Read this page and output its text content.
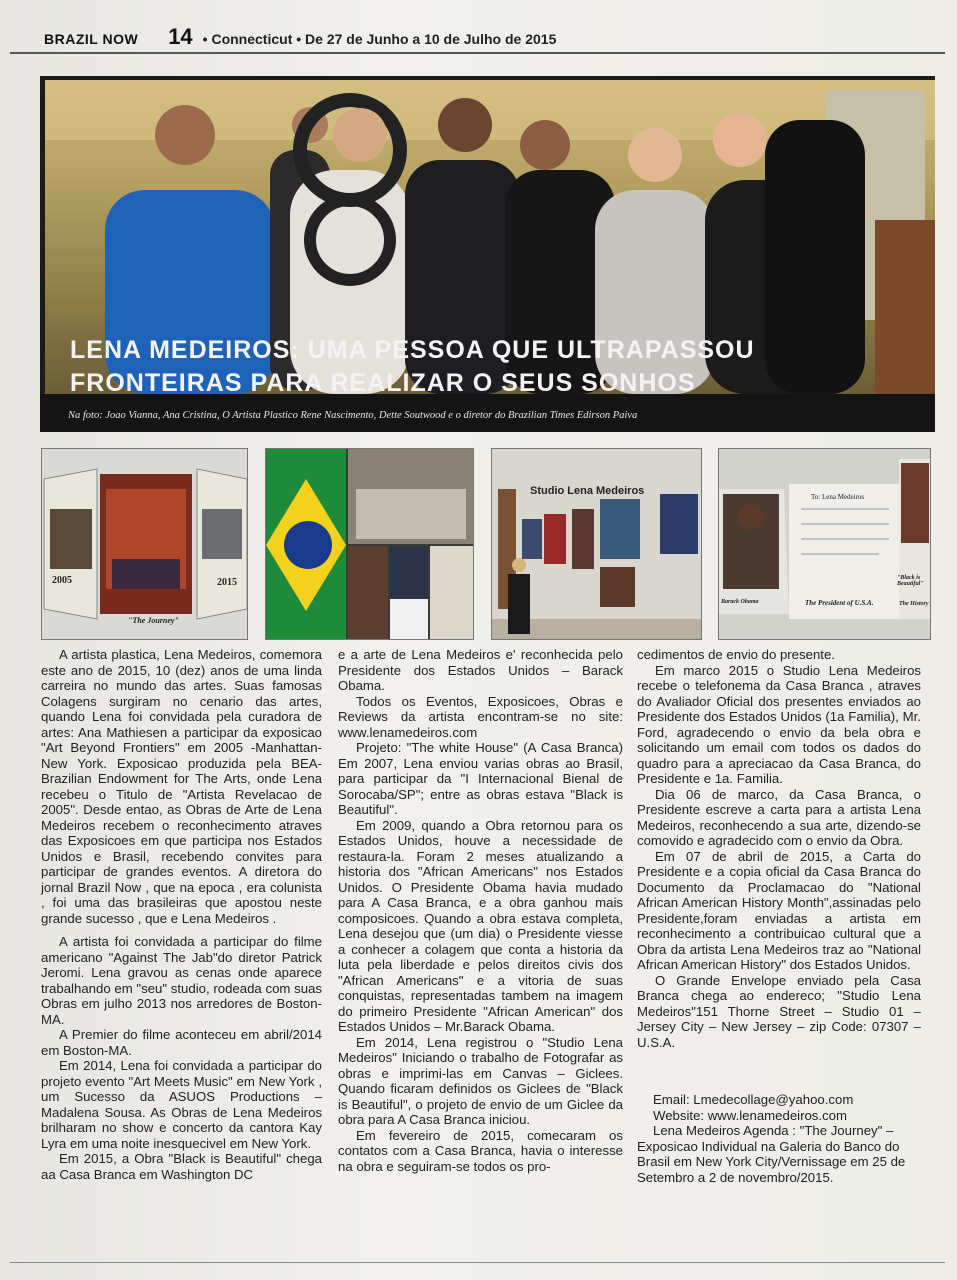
BRAZIL NOW 14 • Connecticut • De 27 de Junho a 10 de Julho de 2015
LENA MEDEIROS: UMA PESSOA QUE ULTRAPASSOU
FRONTEIRAS PARA REALIZAR O SEUS SONHOS
Na foto: Joao Vianna, Ana Cristina, O Artista Plastico Rene Nascimento, Dette Soutwood e o diretor do Brazilian Times Edirson Paiva
"The Journey"
2005	2015
Studio Lena Medeiros	To: Lena Medeiros
"Black is Beautiful"
The President of U.S.A.
Barack Obama	The History

A artista plastica, Lena Medeiros, comemora este ano de 2015, 10 (dez) anos de uma linda carreira no mundo das artes. Suas famosas Colagens surgiram no cenario das artes, quando Lena foi convidada pela curadora de artes: Ana Mathiesen a participar da exposicao "Art Beyond Frontiers" em 2005 -Manhattan-New York. Exposicao produzida pela BEA-Brazilian Endowment for The Arts, onde Lena recebeu o Titulo de "Artista Revelacao de 2005". Desde entao, as Obras de Arte de Lena Medeiros recebem o reconhecimento atraves das Exposicoes em que participa nos Estados Unidos e Brasil, recebendo convites para participar de grandes eventos. A diretora do jornal Brazil Now , que na epoca , era colunista , foi uma das brasileiras que apostou neste grande sucesso , que e Lena Medeiros .

A artista foi convidada a participar do filme americano "Against The Jab"do diretor Patrick Jeromi. Lena gravou as cenas onde aparece trabalhando em "seu" studio, rodeada com suas Obras em julho 2013 nos arredores de Boston-MA.

A Premier do filme aconteceu em abril/2014 em Boston-MA.

Em 2014, Lena foi convidada a participar do projeto evento "Art Meets Music" em New York , um Sucesso da ASUOS Productions – Madalena Sousa. As Obras de Lena Medeiros brilharam no show e concerto da cantora Kay Lyra em uma noite inesquecivel em New York.

Em 2015, a Obra "Black is Beautiful" chega aa Casa Branca em Washington DC

e a arte de Lena Medeiros e' reconhecida pelo Presidente dos Estados Unidos – Barack Obama.

Todos os Eventos, Exposicoes, Obras e Reviews da artista encontram-se no site: www.lenamedeiros.com

Projeto: "The white House" (A Casa Branca) Em 2007, Lena enviou varias obras ao Brasil, para participar da "I Internacional Bienal de Sorocaba/SP"; entre as obras estava "Black is Beautiful".

Em 2009, quando a Obra retornou para os Estados Unidos, houve a necessidade de restaura-la. Foram 2 meses atualizando a historia dos "African Americans" nos Estados Unidos. O Presidente Obama havia mudado para A Casa Branca, e a obra ganhou mais composicoes. Quando a obra estava completa, Lena desejou que (um dia) o Presidente viesse a conhecer a colagem que conta a historia da luta pela liberdade e pelos direitos civis dos "African Americans" e a vitoria de suas conquistas, representadas tambem na imagem do primeiro Presidente "African American" dos Estados Unidos – Mr.Barack Obama.

Em 2014, Lena registrou o "Studio Lena Medeiros" Iniciando o trabalho de Fotografar as obras e imprimi-las em Canvas – Giclees. Quando ficaram definidos os Giclees de "Black is Beautiful", o projeto de envio de um Giclee da obra para A Casa Branca iniciou.

Em fevereiro de 2015, comecaram os contatos com a Casa Branca, havia o interesse na obra e seguiram-se todos os pro-

cedimentos de envio do presente.

Em marco 2015 o Studio Lena Medeiros recebe o telefonema da Casa Branca , atraves do Avaliador Oficial dos presentes enviados ao Presidente dos Estados Unidos (1a Familia), Mr. Ford, agradecendo o envio da bela obra e solicitando um email com todos os dados do quadro para a apreciacao da Casa Branca, do Presidente e 1a. Familia.

Dia 06 de marco, da Casa Branca, o Presidente escreve a carta para a artista Lena Medeiros, reconhecendo a sua arte, dizendo-se comovido e agradecido com o envio da Obra.

Em 07 de abril de 2015, a Carta do Presidente e a copia oficial da Casa Branca do Documento da Proclamacao do "National African American History Month",assinadas pelo Presidente,foram enviadas a artista em reconhecimento a contribuicao cultural que a Obra da artista Lena Medeiros traz ao "National African American History" dos Estados Unidos.

O Grande Envelope enviado pela Casa Branca chega ao endereco; "Studio Lena Medeiros"151 Thorne Street – Studio 01 – Jersey City – New Jersey – zip Code: 07307 – U.S.A.

Email: Lmedecollage@yahoo.com

Website: www.lenamedeiros.com

Lena Medeiros Agenda : "The Journey" – Exposicao Individual na Galeria do Banco do Brasil em New York City/Vernissage em 25 de Setembro a 2 de novembro/2015.
